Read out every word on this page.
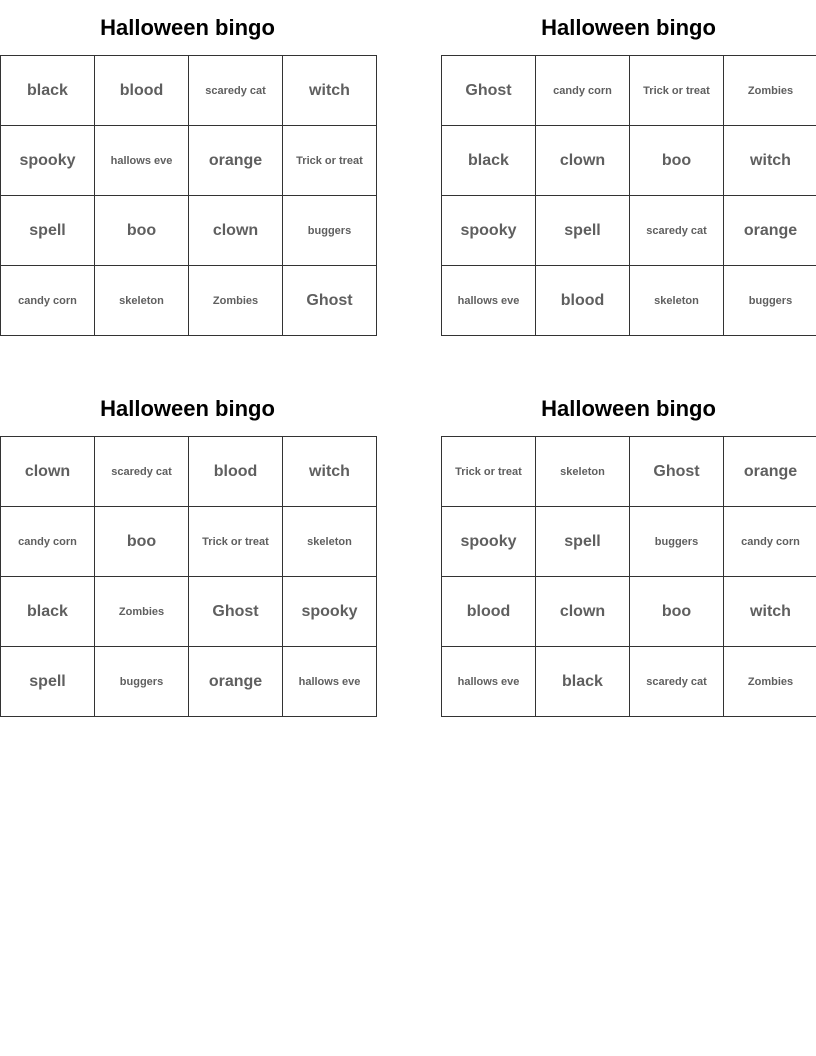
Halloween bingo
black	blood	scaredy cat	witch
spooky	hallows eve	orange	Trick or treat
spell	boo	clown	buggers
candy corn	skeleton	Zombies	Ghost
Halloween bingo
Ghost	candy corn	Trick or treat	Zombies
black	clown	boo	witch
spooky	spell	scaredy cat	orange
hallows eve	blood	skeleton	buggers
Halloween bingo
clown	scaredy cat	blood	witch
candy corn	boo	Trick or treat	skeleton
black	Zombies	Ghost	spooky
spell	buggers	orange	hallows eve
Halloween bingo
Trick or treat	skeleton	Ghost	orange
spooky	spell	buggers	candy corn
blood	clown	boo	witch
hallows eve	black	scaredy cat	Zombies
